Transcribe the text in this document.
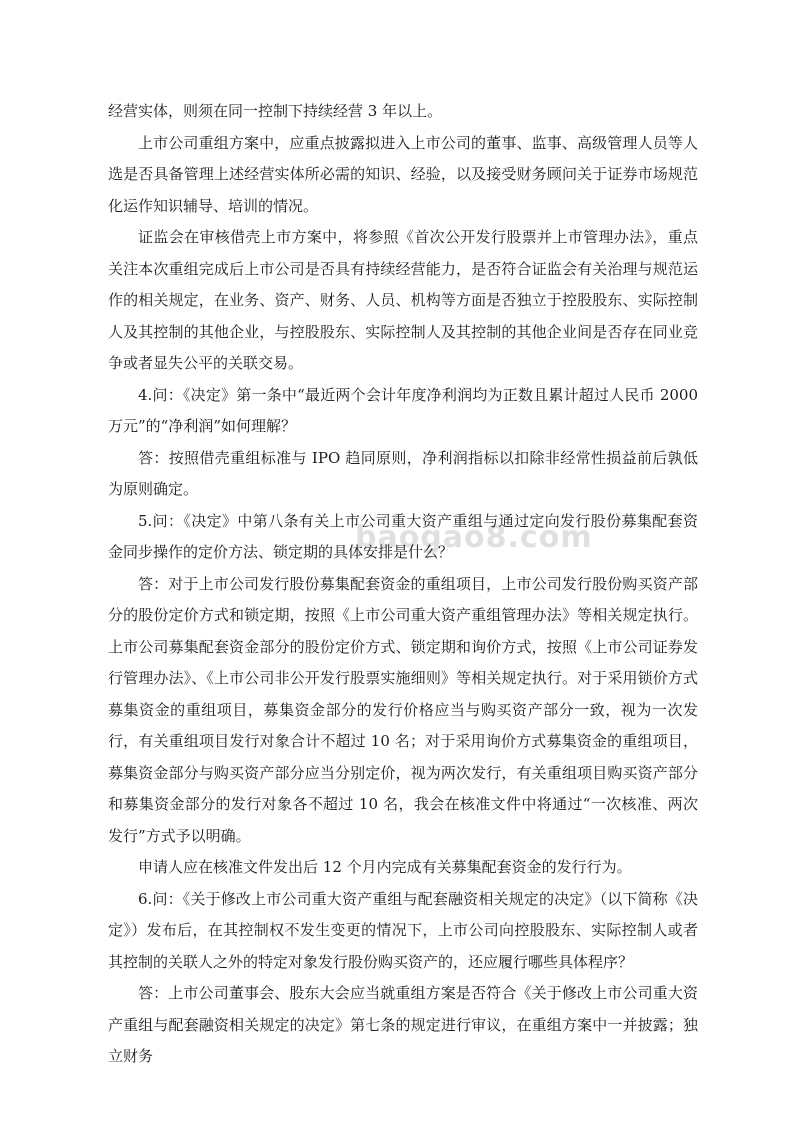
baogao8.com

经营实体，则须在同一控制下持续经营 3 年以上。

上市公司重组方案中，应重点披露拟进入上市公司的董事、监事、高级管理人员等人选是否具备管理上述经营实体所必需的知识、经验，以及接受财务顾问关于证券市场规范化运作知识辅导、培训的情况。

证监会在审核借壳上市方案中，将参照《首次公开发行股票并上市管理办法》，重点关注本次重组完成后上市公司是否具有持续经营能力，是否符合证监会有关治理与规范运作的相关规定，在业务、资产、财务、人员、机构等方面是否独立于控股股东、实际控制人及其控制的其他企业，与控股股东、实际控制人及其控制的其他企业间是否存在同业竞争或者显失公平的关联交易。

4.问：《决定》第一条中“最近两个会计年度净利润均为正数且累计超过人民币 2000 万元”的“净利润”如何理解？

答：按照借壳重组标准与 IPO 趋同原则，净利润指标以扣除非经常性损益前后孰低为原则确定。

5.问：《决定》中第八条有关上市公司重大资产重组与通过定向发行股份募集配套资金同步操作的定价方法、锁定期的具体安排是什么？

答：对于上市公司发行股份募集配套资金的重组项目，上市公司发行股份购买资产部分的股份定价方式和锁定期，按照《上市公司重大资产重组管理办法》等相关规定执行。上市公司募集配套资金部分的股份定价方式、锁定期和询价方式，按照《上市公司证券发行管理办法》、《上市公司非公开发行股票实施细则》等相关规定执行。对于采用锁价方式募集资金的重组项目，募集资金部分的发行价格应当与购买资产部分一致，视为一次发行，有关重组项目发行对象合计不超过 10 名；对于采用询价方式募集资金的重组项目，募集资金部分与购买资产部分应当分别定价，视为两次发行，有关重组项目购买资产部分和募集资金部分的发行对象各不超过 10 名，我会在核准文件中将通过“一次核准、两次发行”方式予以明确。

申请人应在核准文件发出后 12 个月内完成有关募集配套资金的发行行为。

6.问：《关于修改上市公司重大资产重组与配套融资相关规定的决定》（以下简称《决定》）发布后，在其控制权不发生变更的情况下，上市公司向控股股东、实际控制人或者其控制的关联人之外的特定对象发行股份购买资产的，还应履行哪些具体程序？

答：上市公司董事会、股东大会应当就重组方案是否符合《关于修改上市公司重大资产重组与配套融资相关规定的决定》第七条的规定进行审议，在重组方案中一并披露；独立财务
